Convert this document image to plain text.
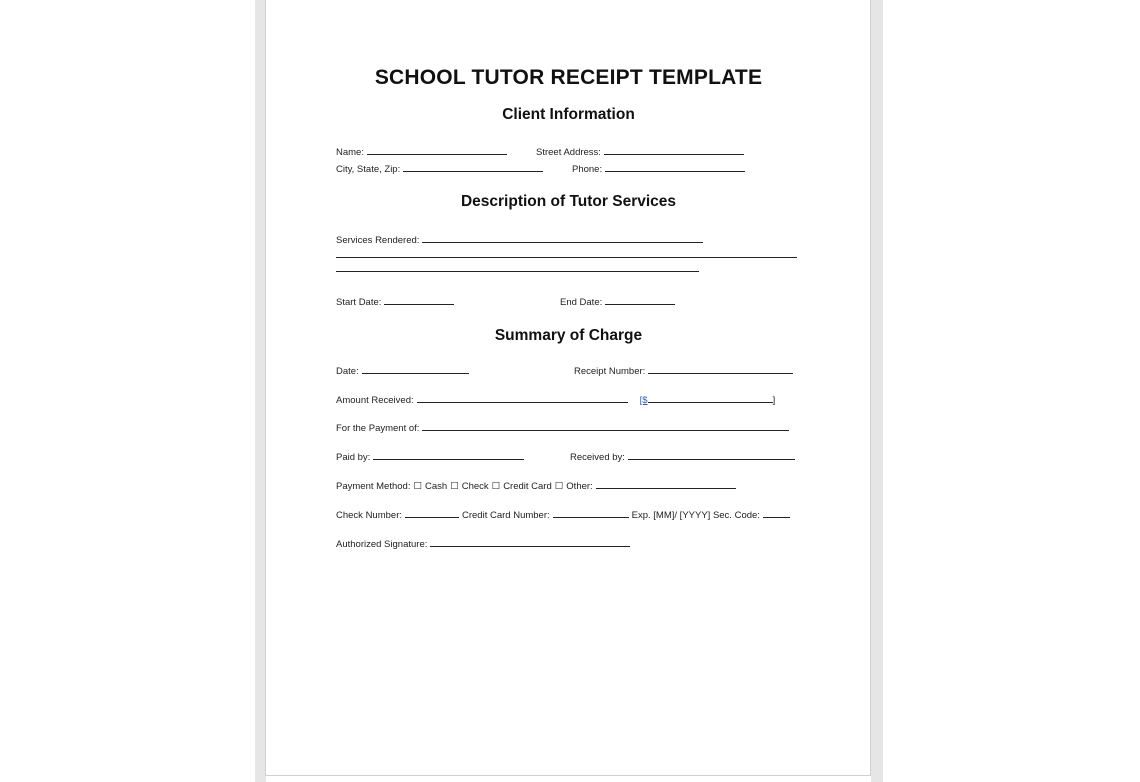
SCHOOL TUTOR RECEIPT TEMPLATE
Client Information
Name:	Street Address:
City, State, Zip:	Phone:
Description of Tutor Services
Services Rendered:
Start Date:	End Date:
Summary of Charge
Date:	Receipt Number:
Amount Received:	[$	]
For the Payment of:
Paid by:	Received by:
Payment Method: ☐ Cash ☐ Check ☐ Credit Card ☐ Other:
Check Number:	Credit Card Number:	Exp. [MM]/ [YYYY] Sec. Code:
Authorized Signature:
